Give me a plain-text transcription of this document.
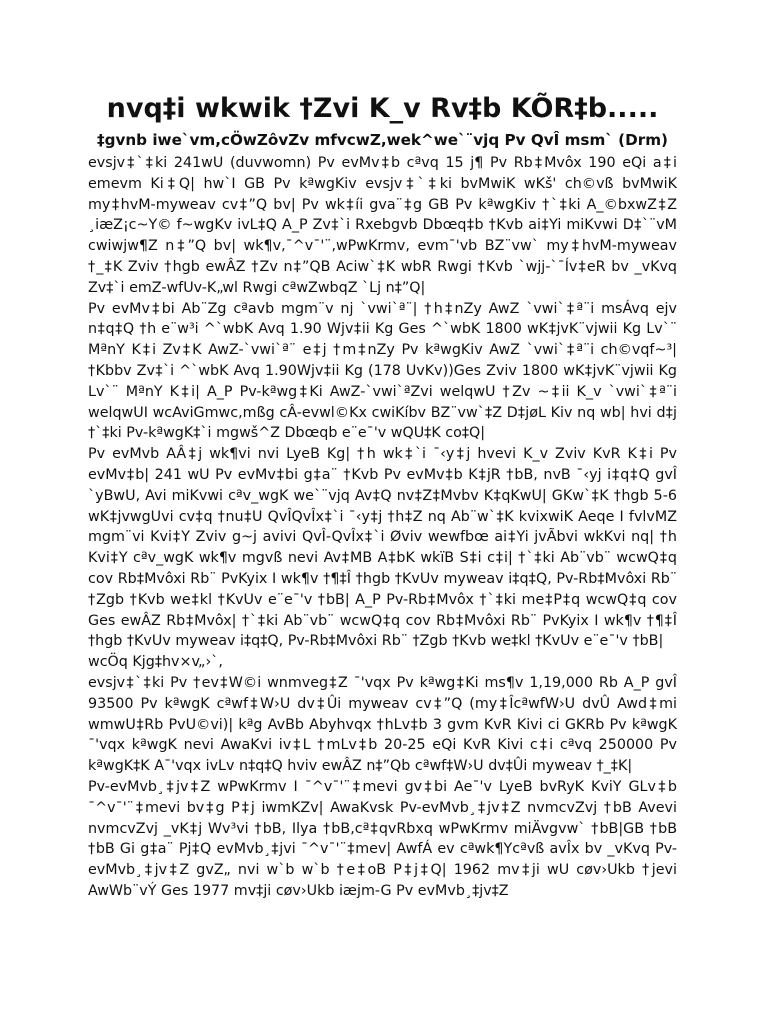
nvq‡i wkwik †Zvi K_v Rv‡b KÕR‡b.....
‡gvnb iwe`vm,cÖwZôvZv mfvcwZ,wek^we`¨vjq Pv QvÎ msm` (Drm)

evsjv‡`‡ki 241wU (duvwomn) Pv evMv‡b cªvq 15 j¶ Pv Rb‡Mvôx 190 eQi a‡i emevm Ki‡Q| hw`I GB Pv kªwgKiv evsjv‡`‡ki bvMwiK wKš' ch©vß bvMwiK my‡hvM-myweav cv‡”Q bv| Pv wk‡íi gva¨‡g GB Pv kªwgKiv †`‡ki A_©bxwZ‡Z ¸iæZ¡c~Y© f~wgKv ivL‡Q A_P Zv‡`i Rxebgvb Dbœq‡b †Kvb ai‡Yi miKvwi D‡`¨vM cwiwjw¶Z n‡”Q bv| wk¶v,¯^v¯'¨,wPwKrmv, evm¯'vb BZ¨vw` my‡hvM-myweav †_‡K Zviv †hgb ewÂZ †Zv n‡”QB Aciw`‡K wbR Rwgi †Kvb `wjj-`¯Ív‡eR bv _vKvq Zv‡`i emZ-wfUv-K„wl Rwgi cªwZwbqZ `Lj n‡”Q|

Pv evMv‡bi Ab¨Zg cªavb mgm¨v nj `vwi`ª¨| †h‡nZy AwZ `vwi`‡ª¨i msÁvq ejv n‡q‡Q †h e¨w³i ^`wbK Avq 1.90 Wjv‡ii Kg Ges ^`wbK 1800 wK‡jvK¨vjwii Kg Lv`¨ MªnY K‡i Zv‡K AwZ-`vwi`ª¨ e‡j †m‡nZy Pv kªwgKiv AwZ `vwi`‡ª¨i ch©vqf~³| †Kbbv Zv‡`i ^`wbK Avq 1.90Wjv‡ii Kg (178 UvKv))Ges Zviv 1800 wK‡jvK¨vjwii Kg Lv`¨ MªnY K‡i| A_P Pv-kªwg‡Ki AwZ-`vwi`ªZvi welqwU †Zv ~‡ii K_v `vwi`‡ª¨i welqwUI wcAviGmwc,mßg cÂ-evwl©Kx cwiKíbv BZ¨vw`‡Z D‡jøL Kiv nq wb| hvi d‡j †`‡ki Pv-kªwgK‡`i mgwš^Z Dbœqb e¨e¯'v wQU‡K co‡Q|

Pv evMvb AÂ‡j wk¶vi nvi LyeB Kg| †h wk‡`i ¯‹y‡j hvevi K_v Zviv KvR K‡i Pv evMv‡b| 241 wU Pv evMv‡bi g‡a¨ †Kvb Pv evMv‡b K‡jR †bB, nvB ¯‹yj i‡q‡Q gvÎ `yBwU, Avi miKvwi cªv_wgK we`¨vjq Av‡Q nv‡Z‡Mvbv K‡qKwU| GKw`‡K †hgb 5-6 wK‡jvwgUvi cv‡q †nu‡U QvÎQvÎx‡`i ¯‹y‡j †h‡Z nq Ab¨w`‡K kvixwiK Aeqe I fvlvMZ mgm¨vi Kvi‡Y Zviv g~j avivi QvÎ-QvÎx‡`i Øviv wewfbœ ai‡Yi jvÃbvi wkKvi nq| †h Kvi‡Y cªv_wgK wk¶v mgvß nevi Av‡MB A‡bK wkïB S‡i c‡i| †`‡ki Ab¨vb¨ wcwQ‡q cov Rb‡Mvôxi Rb¨ PvKyix I wk¶v †¶‡Î †hgb †KvUv myweav i‡q‡Q, Pv-Rb‡Mvôxi Rb¨ †Zgb †Kvb we‡kl †KvUv e¨e¯'v †bB| A_P Pv-Rb‡Mvôx †`‡ki me‡P‡q wcwQ‡q cov Ges ewÂZ Rb‡Mvôx| †`‡ki Ab¨vb¨ wcwQ‡q cov Rb‡Mvôxi Rb¨ PvKyix I wk¶v †¶‡Î †hgb †KvUv myweav i‡q‡Q, Pv-Rb‡Mvôxi Rb¨ †Zgb †Kvb we‡kl †KvUv e¨e¯'v †bB|

wcÖq Kjg‡hv×v„›`,

evsjv‡`‡ki Pv †ev‡W©i wnmveg‡Z ¯'vqx Pv kªwg‡Ki ms¶v 1,19,000 Rb A_P gvÎ 93500 Pv kªwgK cªwf‡W›U dv‡Ûi myweav cv‡”Q (my‡ÎcªwfW›U dvÛ Awd‡mi wmwU‡Rb PvU©vi)| kªg AvBb Abyhvqx †hLv‡b 3 gvm KvR Kivi ci GKRb Pv kªwgK ¯'vqx kªwgK nevi AwaKvi iv‡L †mLv‡b 20-25 eQi KvR Kivi c‡i cªvq 250000 Pv kªwgK‡K A¯'vqx ivLv n‡q‡Q hviv ewÂZ n‡”Qb cªwf‡W›U dv‡Ûi myweav †_‡K|

Pv-evMvb¸‡jv‡Z wPwKrmv I ¯^v¯'¨‡mevi gv‡bi Ae¯'v LyeB bvRyK KviY GLv‡b ¯^v¯'¨‡mevi bv‡g P‡j iwmKZv| AwaKvsk Pv-evMvb¸‡jv‡Z nvmcvZvj †bB Avevi nvmcvZvj _vK‡j Wv³vi †bB, Ilya †bB,cª‡qvRbxq wPwKrmv miÄvgvw` †bB|GB †bB †bB Gi g‡a¨ Pj‡Q evMvb¸‡jvi ¯^v¯'¨‡mev| AwfÁ ev cªwk¶Ycªvß avÎx bv _vKvq Pv-evMvb¸‡jv‡Z gvZ„ nvi w`b w`b †e‡oB P‡j‡Q| 1962 mv‡ji wU cøv›Ukb †jevi AwWb¨vÝ Ges 1977 mv‡ji cøv›Ukb iæjm-G Pv evMvb¸‡jv‡Z
